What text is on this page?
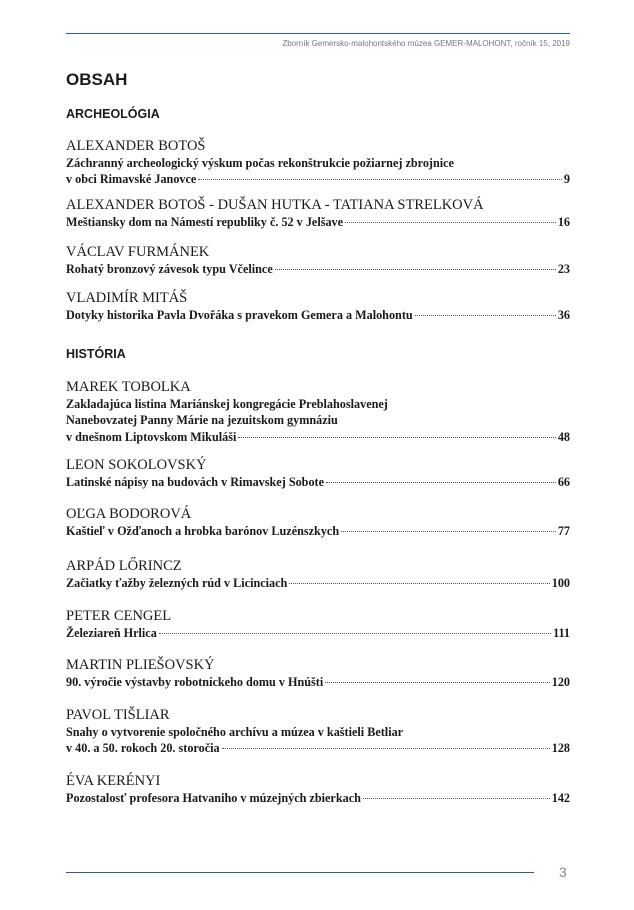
Zborník Gemersko-malohontského múzea GEMER-MALOHONT, ročník 15, 2019
OBSAH
ARCHEOLÓGIA
ALEXANDER BOTOŠ
Záchranný archeologický výskum počas rekonštrukcie požiarnej zbrojnice
v obci Rimavské Janovce	9
ALEXANDER BOTOŠ - DUŠAN HUTKA - TATIANA STRELKOVÁ
Meštiansky dom na Námestí republiky č. 52 v Jelšave	16
VÁCLAV FURMÁNEK
Rohatý bronzový závesok typu Včelince	23
VLADIMÍR MITÁŠ
Dotyky historika Pavla Dvořáka s pravekom Gemera a Malohontu	36
HISTÓRIA
MAREK TOBOLKA
Zakladajúca listina Mariánskej kongregácie Preblahoslavenej
Nanebovzatej Panny Márie na jezuitskom gymnáziu
v dnešnom Liptovskom Mikuláši	48
LEON SOKOLOVSKÝ
Latinské nápisy na budovách v Rimavskej Sobote	66
OĽGA BODOROVÁ
Kaštieľ v Ožďanoch a hrobka barónov Luzénszkych	77
ARPÁD LŐRINCZ
Začiatky ťažby železných rúd v Licinciach	100
PETER CENGEL
Železiareň Hrlica	111
MARTIN PLIEŠOVSKÝ
90. výročie výstavby robotníckeho domu v Hnúšti	120
PAVOL TIŠLIAR
Snahy o vytvorenie spoločného archívu a múzea v kaštieli Betliar
v 40. a 50. rokoch 20. storočia	128
ÉVA KERÉNYI
Pozostalosť profesora Hatvaniho v múzejných zbierkach	142
3
